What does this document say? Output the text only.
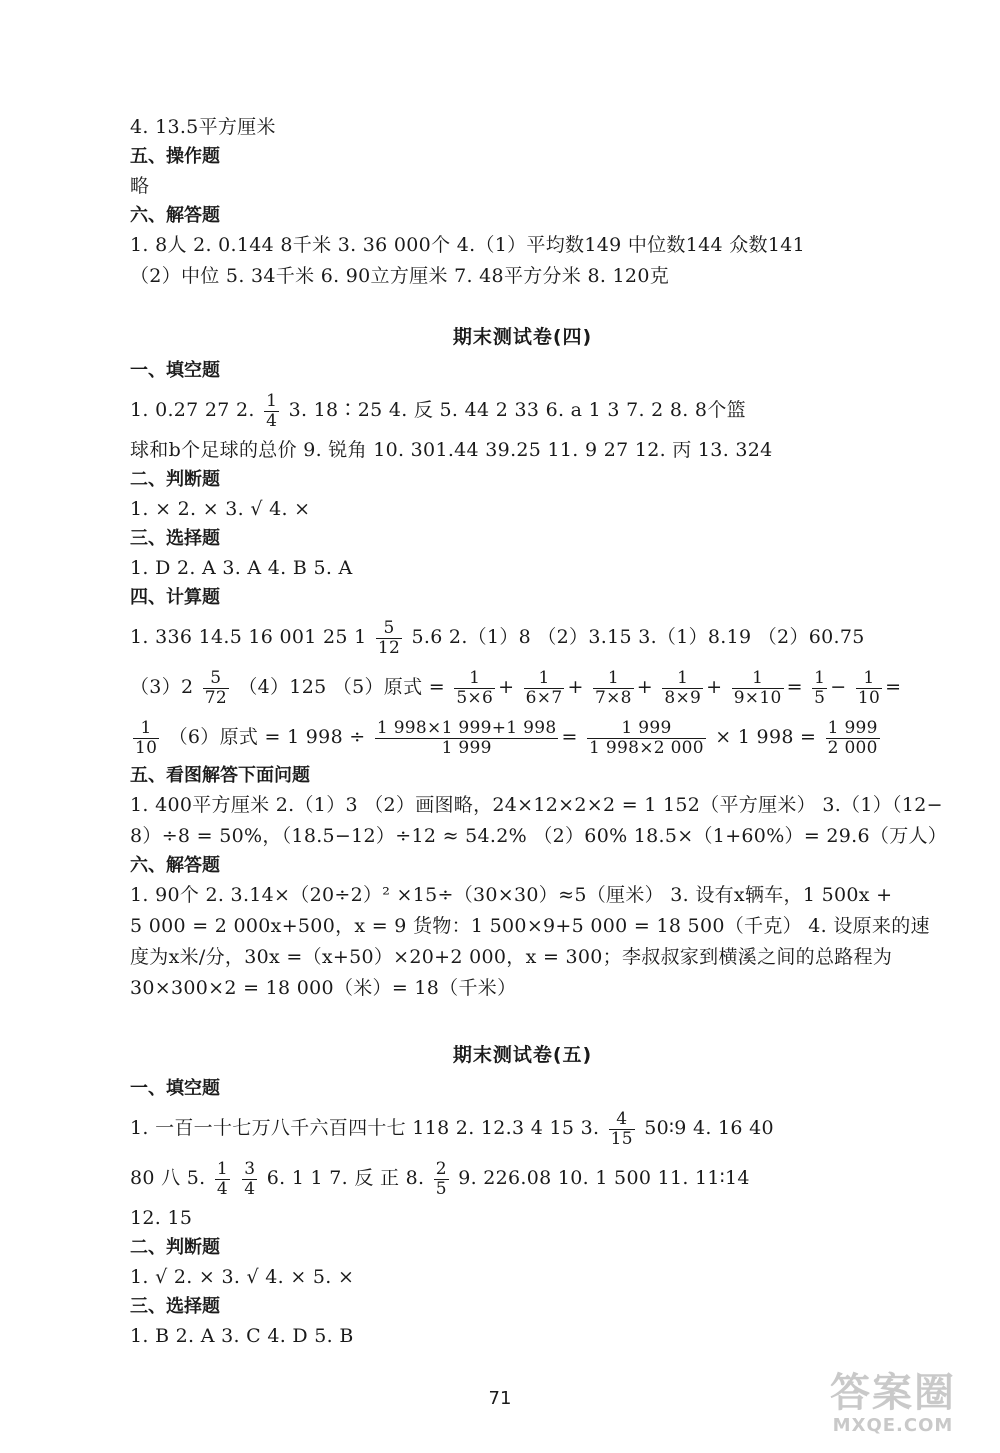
4. 13.5平方厘米
五、操作题
略
六、解答题
1. 8人 2. 0.144 8千米 3. 36 000个 4.（1）平均数149 中位数144 众数141
（2）中位 5. 34千米 6. 90立方厘米 7. 48平方分米 8. 120克
期末测试卷(四)
一、填空题
1. 0.27 27 2. $\frac{1}{4} 3$. 18∶25 4. 反 5. 44 2 33 6. a 1 3 7. 2 8. 8个篮
球和b个足球的总价 9. 锐角 10. 301.44 39.25 11. 9 27 12. 丙 13. 324
二、判断题
1. × 2. × 3. √ 4. ×
三、选择题
1. D 2. A 3. A 4. B 5. A
四、计算题
1. 336 14.5 16 001 25 $1 \frac{5}{12} 5.6$ 2.（1）8 （2）3.15 3.（1）8.19 （2）60.75
$(3)2 \frac{5}{72} (4)125$ （5）原式 = $\frac{1}{5\times 6} + \frac{1}{6\times 7} + \frac{1}{7\times 8} + \frac{1}{8\times 9} + \frac{1}{9\times 10} = \frac{1}{5} - \frac{1}{10}$ =
$\frac{1}{10} (6)$原式 = 1 $998 \div \frac{1 998\times 1 999+1 998}{1 999} = \frac{1 999}{1 998\times 2 000} \times 1$ $998 = \frac{1 999}{2 000}$
五、看图解答下面问题
1. 400平方厘米 2.（1）3 （2）画图略，24×12×2×2 = 1 152（平方厘米） 3.（1）（12−
8）÷8 = 50%，（18.5−12）÷12 ≈ 54.2% （2）60% 18.5×（1+60%）= 29.6（万人）
六、解答题
1. 90个 2. 3.14×（20÷2）² ×15÷（30×30）≈5（厘米） 3. 设有x辆车，1 500x +
5 000 = 2 000x+500，x = 9 货物：1 500×9+5 000 = 18 500（千克） 4. 设原来的速
度为x米/分，30x =（x+50）×20+2 000，x = 300；李叔叔家到横溪之间的总路程为
30×300×2 = 18 000（米）= 18（千米）
期末测试卷(五)
一、填空题
1. 一百一十七万八千六百四十七 118 2. 12.3 4 15 3. $\frac{4}{15}$ 50∶9 4. 16 40
80 八 5. $\frac{1}{4}$
$\frac{3}{4} 6$. 1 1 7. 反 正 8. $\frac{2}{5} 9$. 226.08 10. 1 500 11. 11∶14
12. 15
二、判断题
1. √ 2. × 3. √ 4. × 5. ×
三、选择题
1. B 2. A 3. C 4. D 5. B
71	答案圈
MXQE.COM
